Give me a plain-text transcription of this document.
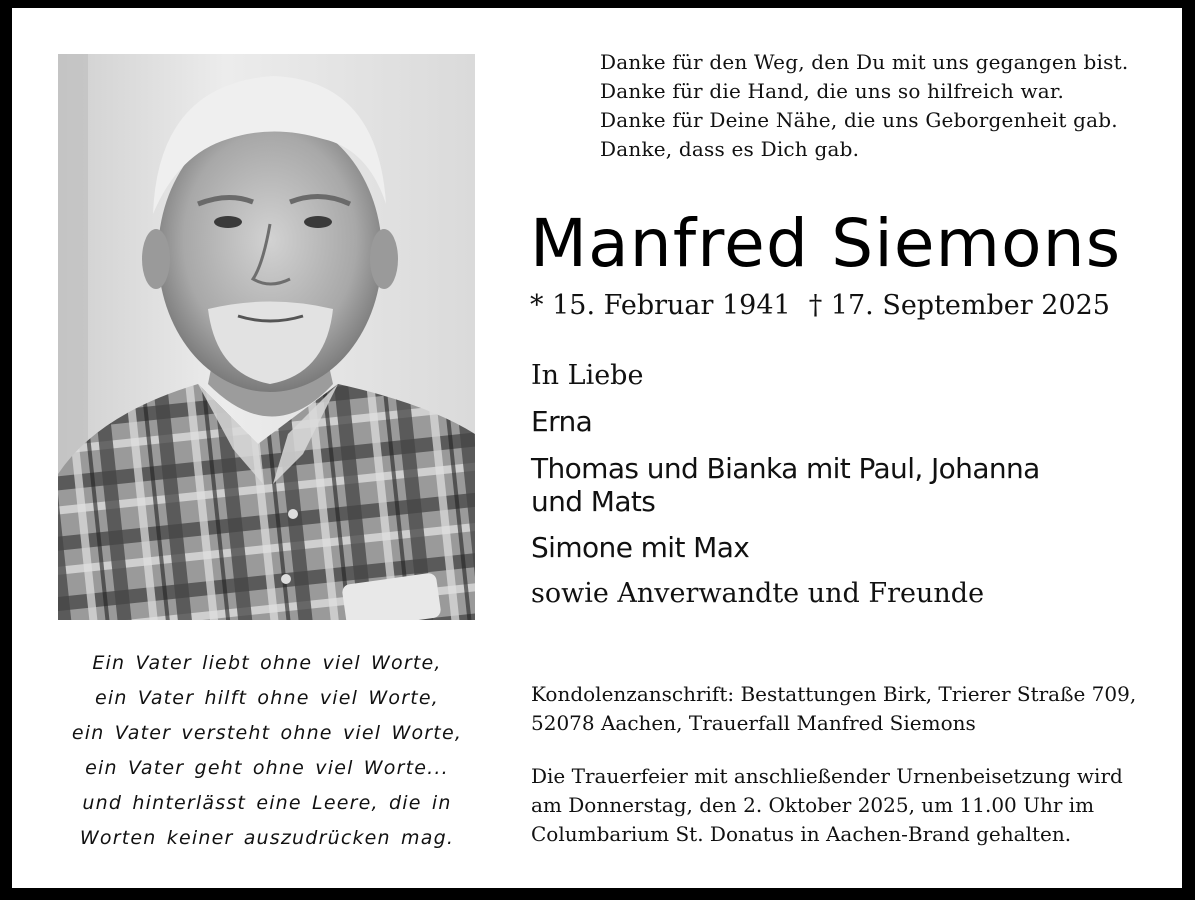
Ein Vater liebt ohne viel Worte,
ein Vater hilft ohne viel Worte,
ein Vater versteht ohne viel Worte,
ein Vater geht ohne viel Worte...
und hinterlässt eine Leere, die in
Worten keiner auszudrücken mag.
Danke für den Weg, den Du mit uns gegangen bist.
Danke für die Hand, die uns so hilfreich war.
Danke für Deine Nähe, die uns Geborgenheit gab.
Danke, dass es Dich gab.
Manfred Siemons
* 15. Februar 1941 † 17. September 2025
In Liebe
Erna
Thomas und Bianka mit Paul, Johanna
und Mats
Simone mit Max
sowie Anverwandte und Freunde
Kondolenzanschrift: Bestattungen Birk, Trierer Straße 709,
52078 Aachen, Trauerfall Manfred Siemons
Die Trauerfeier mit anschließender Urnenbeisetzung wird
am Donnerstag, den 2. Oktober 2025, um 11.00 Uhr im
Columbarium St. Donatus in Aachen-Brand gehalten.
